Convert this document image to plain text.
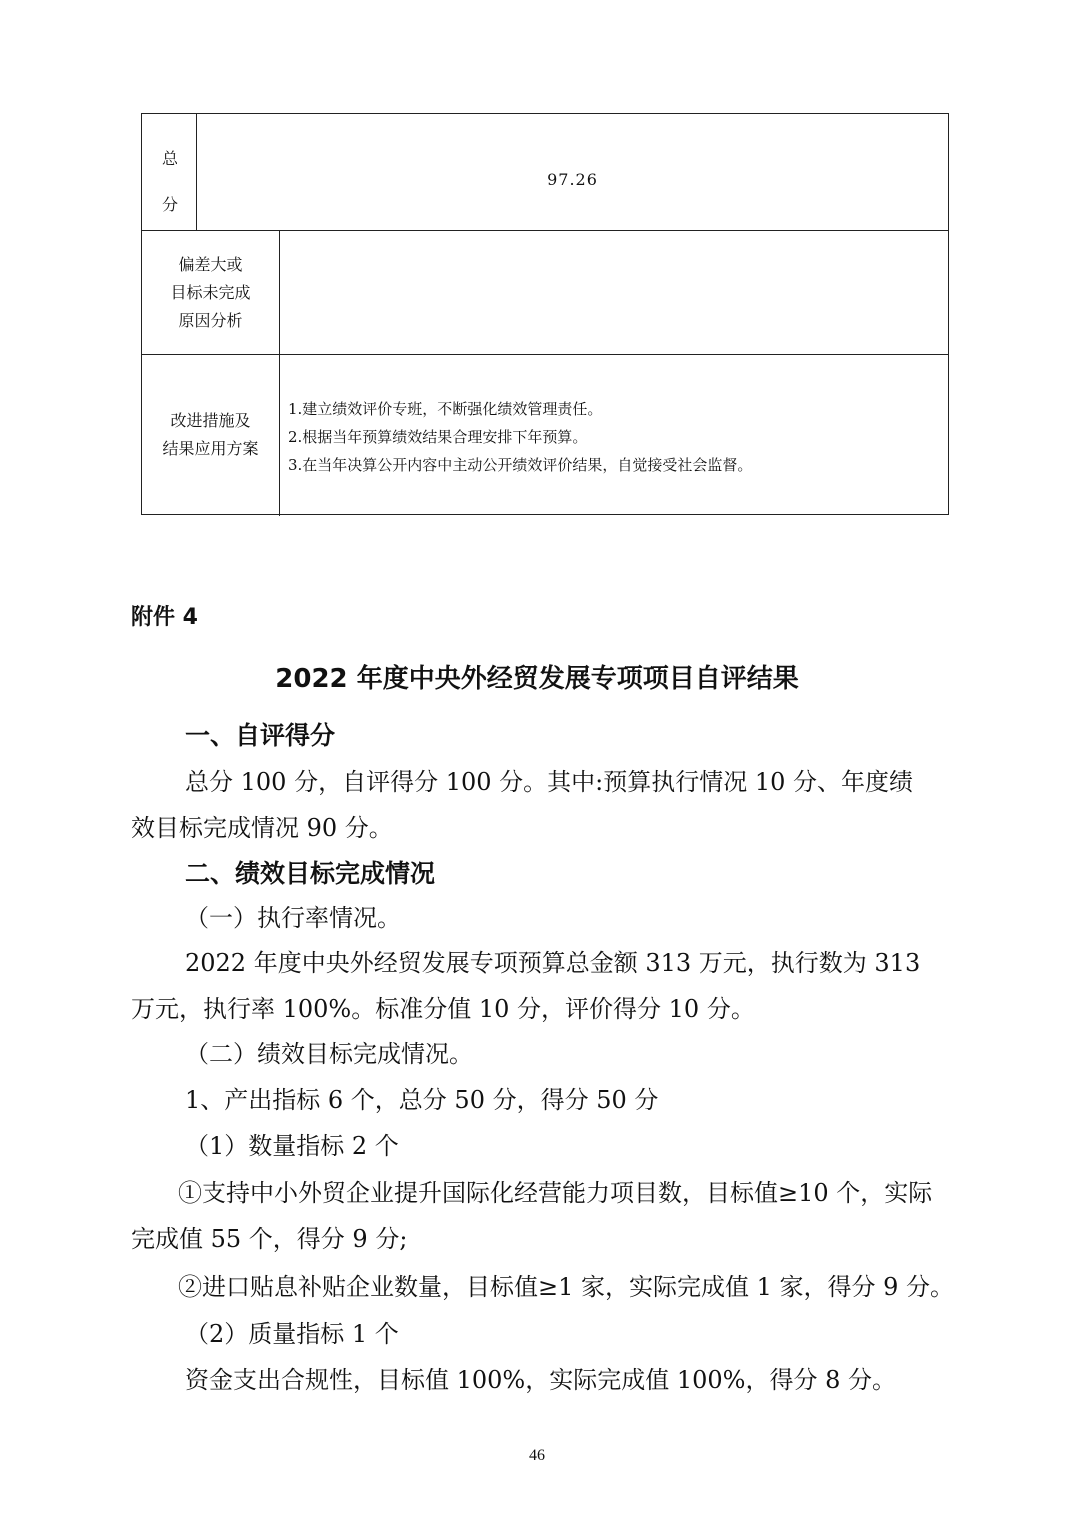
总
分
97.26
偏差大或
目标未完成
原因分析
改进措施及
结果应用方案
1.建立绩效评价专班，不断强化绩效管理责任。
2.根据当年预算绩效结果合理安排下年预算。
3.在当年决算公开内容中主动公开绩效评价结果，自觉接受社会监督。
附件 4
2022 年度中央外经贸发展专项项目自评结果
一、自评得分
总分 100 分，自评得分 100 分。其中:预算执行情况 10 分、年度绩
效目标完成情况 90 分。
二、绩效目标完成情况
（一）执行率情况。
2022 年度中央外经贸发展专项预算总金额 313 万元，执行数为 313
万元，执行率 100%。标准分值 10 分，评价得分 10 分。
（二）绩效目标完成情况。
1、产出指标 6 个，总分 50 分，得分 50 分
（1）数量指标 2 个
①支持中小外贸企业提升国际化经营能力项目数，目标值≥10 个，实际
完成值 55 个，得分 9 分;
②进口贴息补贴企业数量，目标值≥1 家，实际完成值 1 家，得分 9 分。
（2）质量指标 1 个
资金支出合规性，目标值 100%，实际完成值 100%，得分 8 分。
46
